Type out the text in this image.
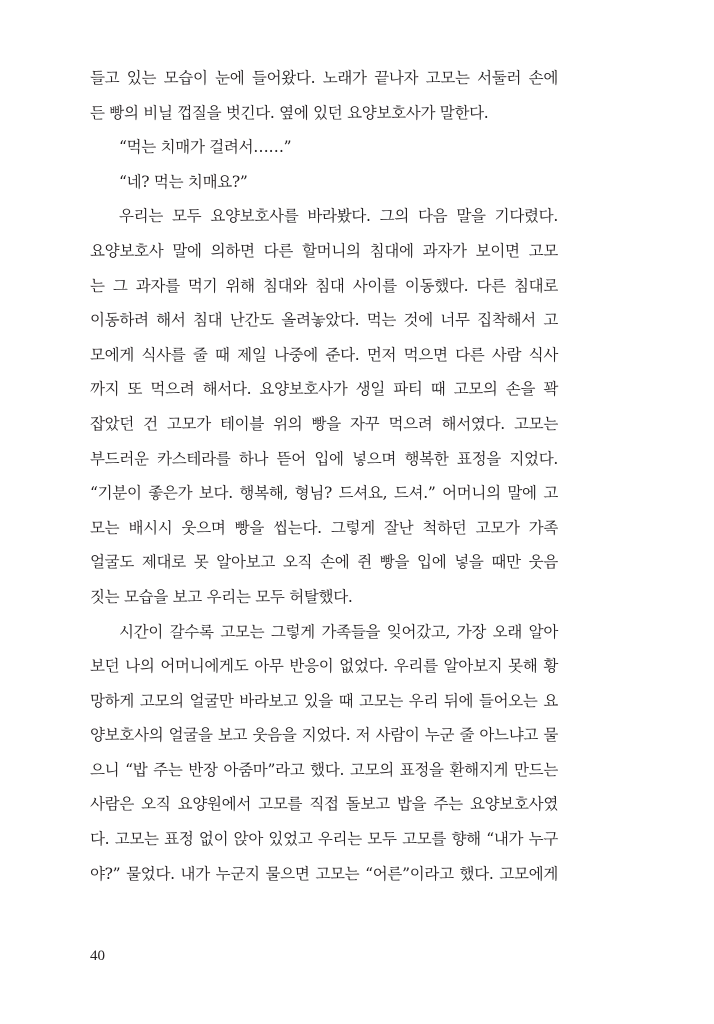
들고 있는 모습이 눈에 들어왔다. 노래가 끝나자 고모는 서둘러 손에
든 빵의 비닐 껍질을 벗긴다. 옆에 있던 요양보호사가 말한다.
“먹는 치매가 걸려서……”
“네? 먹는 치매요?”
우리는 모두 요양보호사를 바라봤다. 그의 다음 말을 기다렸다.
요양보호사 말에 의하면 다른 할머니의 침대에 과자가 보이면 고모
는 그 과자를 먹기 위해 침대와 침대 사이를 이동했다. 다른 침대로
이동하려 해서 침대 난간도 올려놓았다. 먹는 것에 너무 집착해서 고
모에게 식사를 줄 때 제일 나중에 준다. 먼저 먹으면 다른 사람 식사
까지 또 먹으려 해서다. 요양보호사가 생일 파티 때 고모의 손을 꽉
잡았던 건 고모가 테이블 위의 빵을 자꾸 먹으려 해서였다. 고모는
부드러운 카스테라를 하나 뜯어 입에 넣으며 행복한 표정을 지었다.
“기분이 좋은가 보다. 행복해, 형님? 드셔요, 드셔.” 어머니의 말에 고
모는 배시시 웃으며 빵을 씹는다. 그렇게 잘난 척하던 고모가 가족
얼굴도 제대로 못 알아보고 오직 손에 쥔 빵을 입에 넣을 때만 웃음
짓는 모습을 보고 우리는 모두 허탈했다.
시간이 갈수록 고모는 그렇게 가족들을 잊어갔고, 가장 오래 알아
보던 나의 어머니에게도 아무 반응이 없었다. 우리를 알아보지 못해 황
망하게 고모의 얼굴만 바라보고 있을 때 고모는 우리 뒤에 들어오는 요
양보호사의 얼굴을 보고 웃음을 지었다. 저 사람이 누군 줄 아느냐고 물
으니 “밥 주는 반장 아줌마”라고 했다. 고모의 표정을 환해지게 만드는
사람은 오직 요양원에서 고모를 직접 돌보고 밥을 주는 요양보호사였
다. 고모는 표정 없이 앉아 있었고 우리는 모두 고모를 향해 “내가 누구
야?” 물었다. 내가 누군지 물으면 고모는 “어른”이라고 했다. 고모에게
40
